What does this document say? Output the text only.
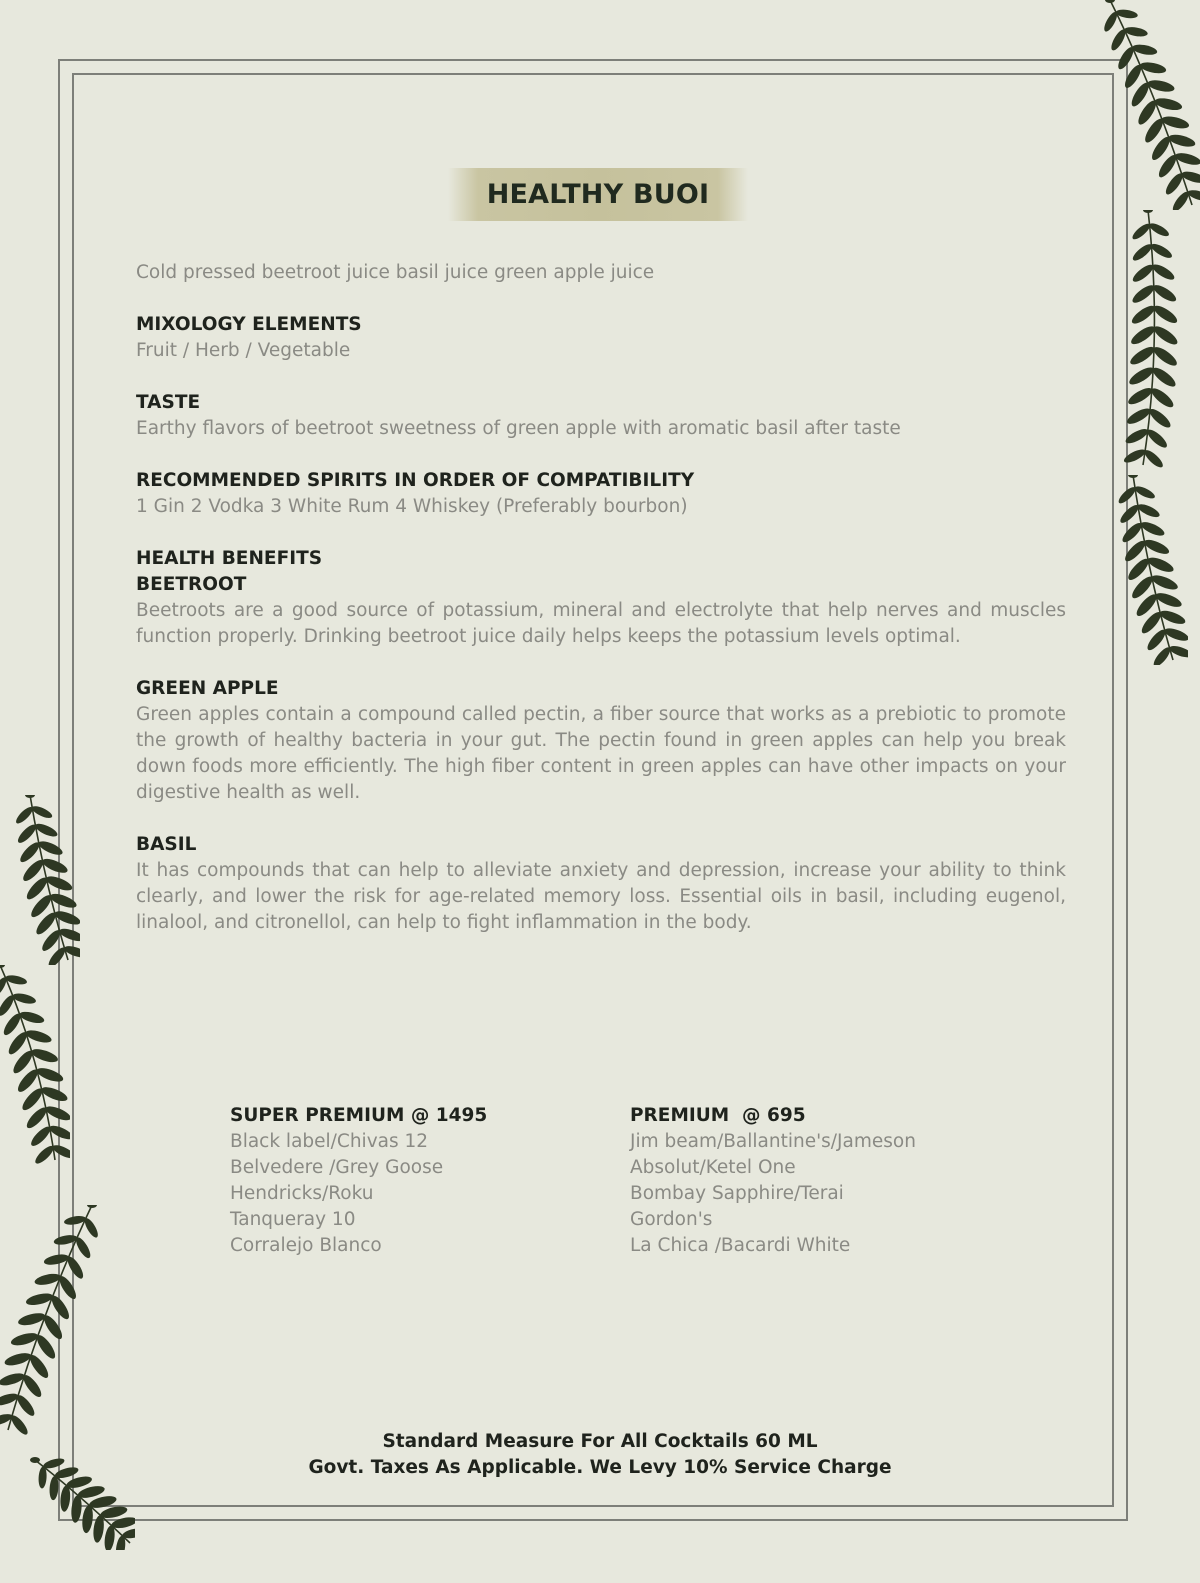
HEALTHY BUOI

Cold pressed beetroot juice basil juice green apple juice

MIXOLOGY ELEMENTS

Fruit / Herb / Vegetable

TASTE

Earthy flavors of beetroot sweetness of green apple with aromatic basil after taste

RECOMMENDED SPIRITS IN ORDER OF COMPATIBILITY

1 Gin 2 Vodka 3 White Rum 4 Whiskey (Preferably bourbon)

HEALTH BENEFITS

BEETROOT

Beetroots are a good source of potassium, mineral and electrolyte that help nerves and muscles function properly. Drinking beetroot juice daily helps keeps the potassium levels optimal.

GREEN APPLE

Green apples contain a compound called pectin, a fiber source that works as a prebiotic to promote the growth of healthy bacteria in your gut. The pectin found in green apples can help you break down foods more efficiently. The high fiber content in green apples can have other impacts on your digestive health as well.

BASIL

It has compounds that can help to alleviate anxiety and depression, increase your ability to think clearly, and lower the risk for age-related memory loss. Essential oils in basil, including eugenol, linalool, and citronellol, can help to fight inflammation in the body.

SUPER PREMIUM @ 1495

Black label/Chivas 12
Belvedere /Grey Goose
Hendricks/Roku
Tanqueray 10
Corralejo Blanco

PREMIUM  @ 695

Jim beam/Ballantine's/Jameson
Absolut/Ketel One
Bombay Sapphire/Terai
Gordon's
La Chica /Bacardi White
Standard Measure For All Cocktails 60 ML
Govt. Taxes As Applicable. We Levy 10% Service Charge
